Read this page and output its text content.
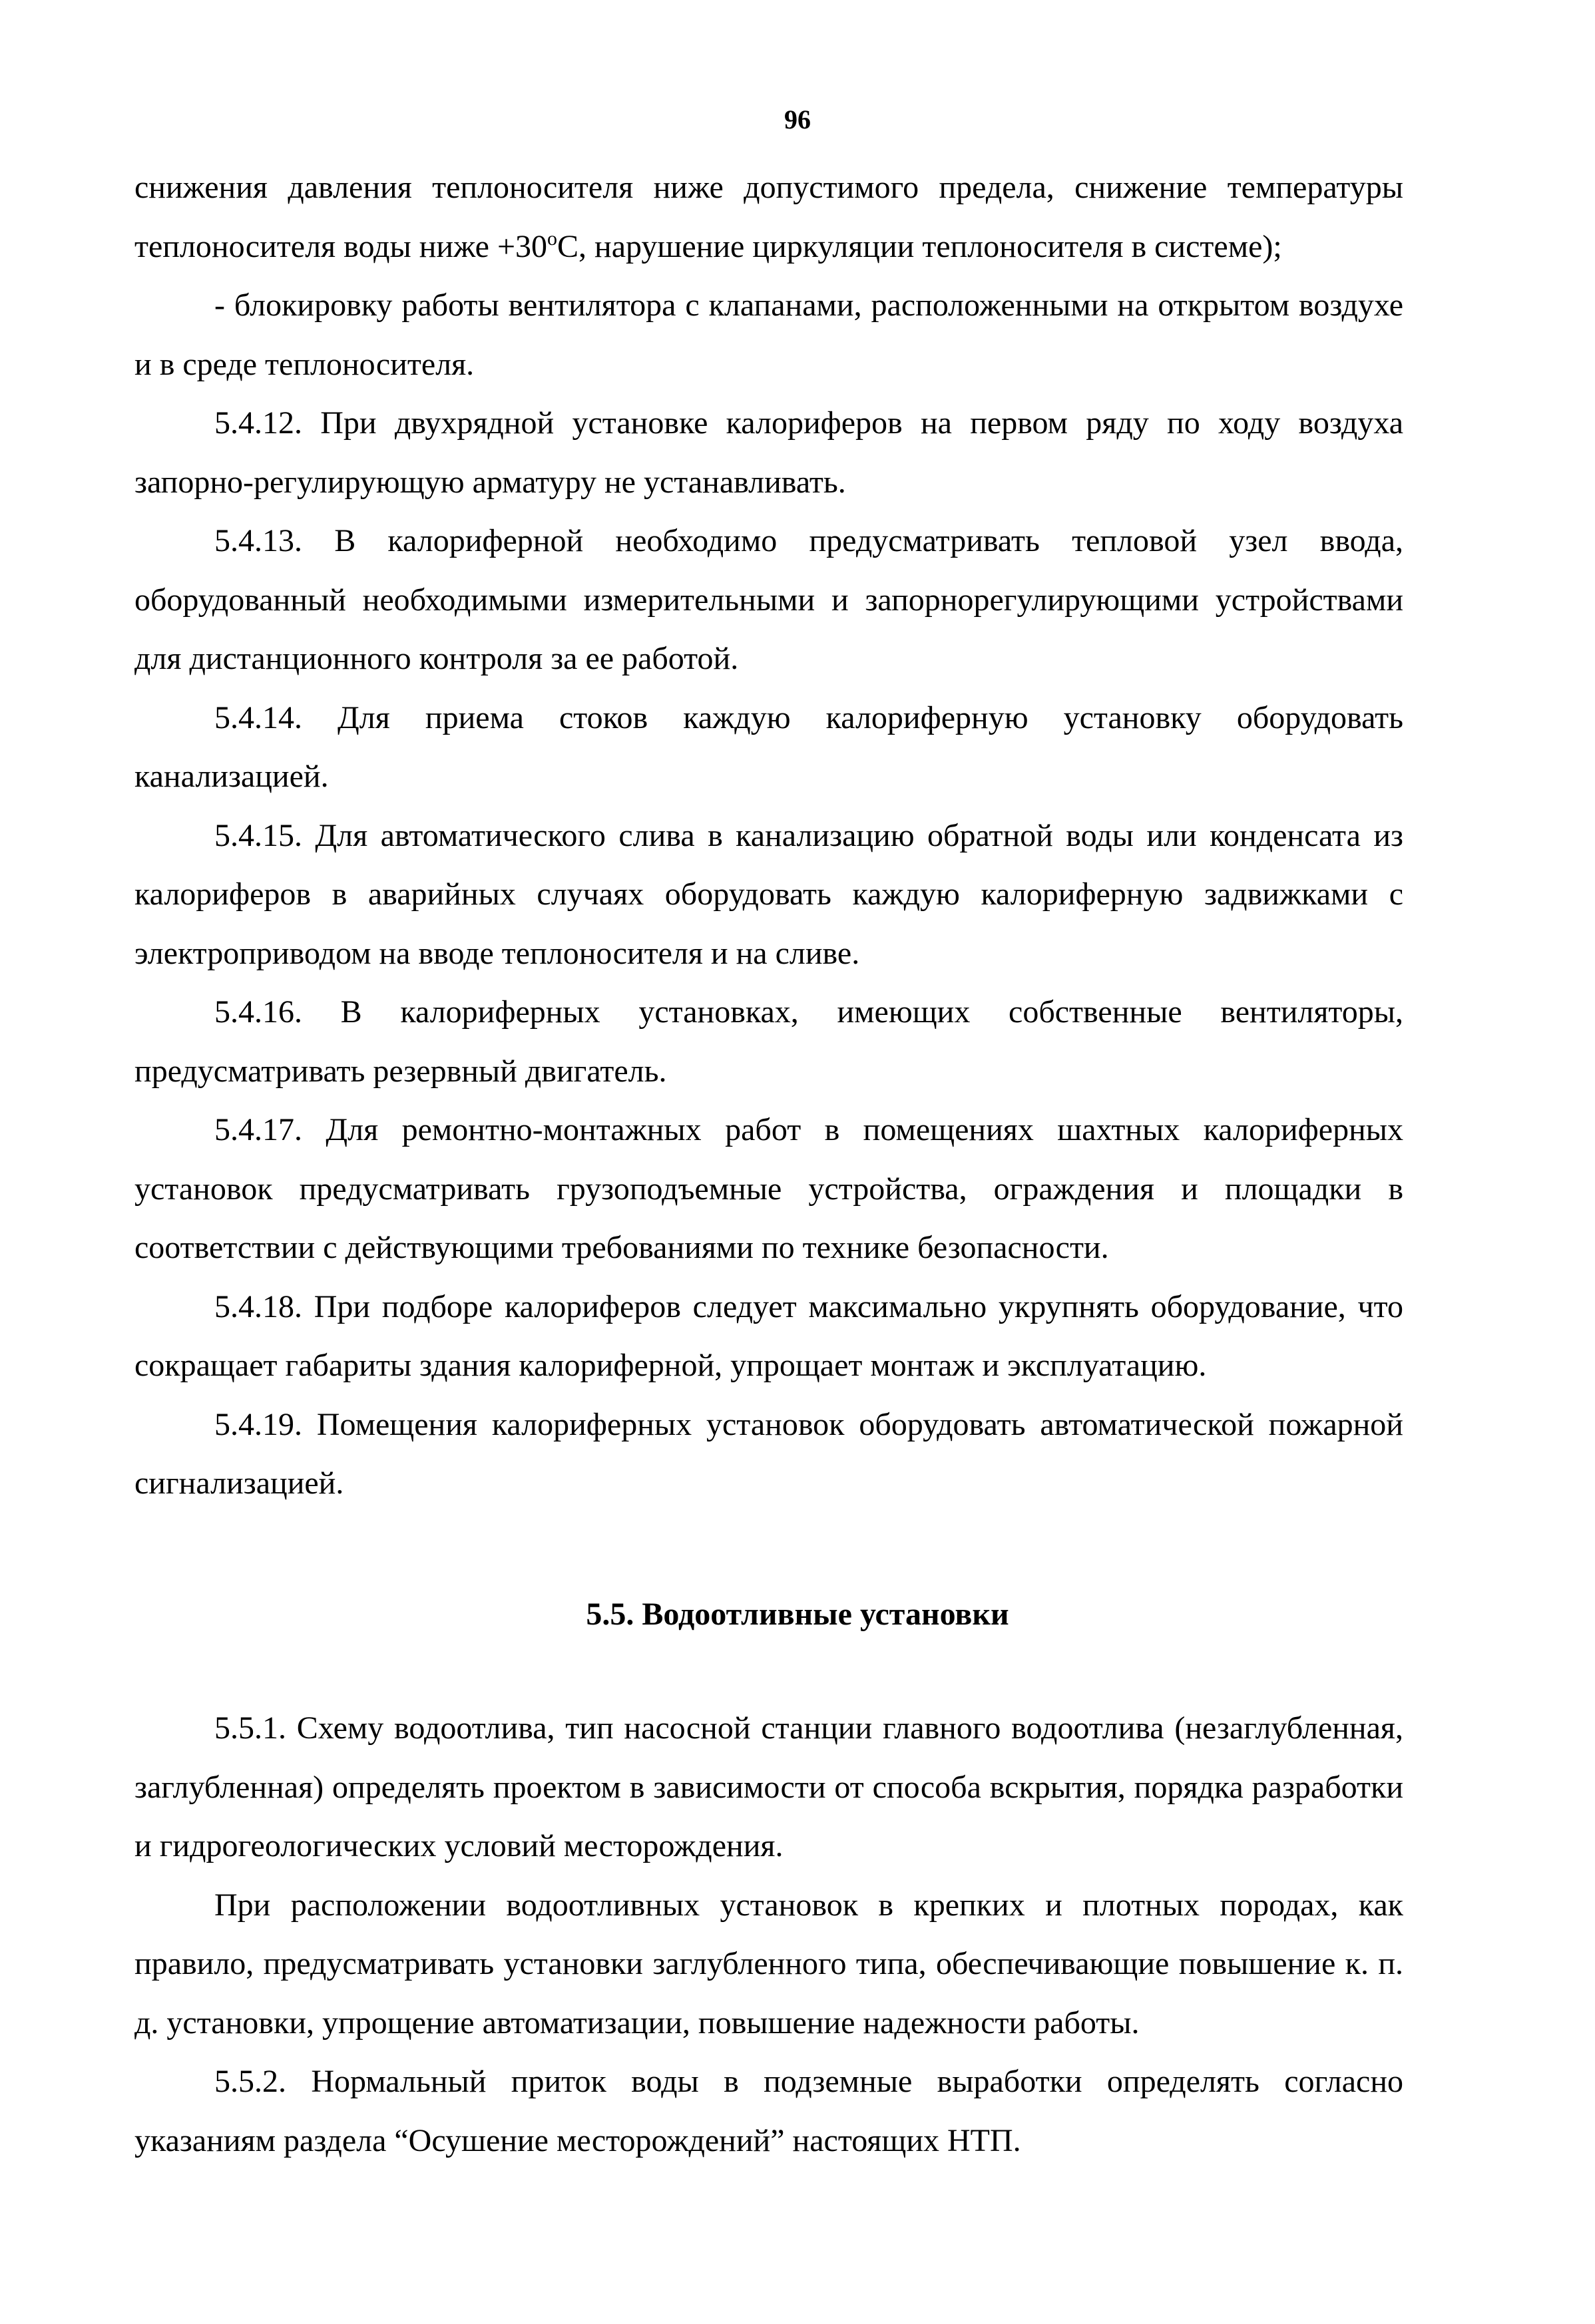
96

снижения давления теплоносителя ниже допустимого предела, снижение температуры теплоносителя воды ниже $+30^оС$, нарушение циркуляции теплоносителя в системе);

- блокировку работы вентилятора с клапанами, расположенными на открытом воздухе и в среде теплоносителя.

5.4.12. При двухрядной установке калориферов на первом ряду по ходу воздуха запорно-регулирующую арматуру не устанавливать.

5.4.13. В калориферной необходимо предусматривать тепловой узел ввода, оборудованный необходимыми измерительными и запорнорегулирующими устройствами для дистанционного контроля за ее работой.

5.4.14. Для приема стоков каждую калориферную установку оборудовать канализацией.

5.4.15. Для автоматического слива в канализацию обратной воды или конденсата из калориферов в аварийных случаях оборудовать каждую калориферную задвижками с электроприводом на вводе теплоносителя и на сливе.

5.4.16. В калориферных установках, имеющих собственные вентиляторы, предусматривать резервный двигатель.

5.4.17. Для ремонтно-монтажных работ в помещениях шахтных калориферных установок предусматривать грузоподъемные устройства, ограждения и площадки в соответствии с действующими требованиями по технике безопасности.

5.4.18. При подборе калориферов следует максимально укрупнять оборудование, что сокращает габариты здания калориферной, упрощает монтаж и эксплуатацию.

5.4.19. Помещения калориферных установок оборудовать автоматической пожарной сигнализацией.

5.5. Водоотливные установки

5.5.1. Схему водоотлива, тип насосной станции главного водоотлива (незаглубленная, заглубленная) определять проектом в зависимости от способа вскрытия, порядка разработки и гидрогеологических условий месторождения.

При расположении водоотливных установок в крепких и плотных породах, как правило, предусматривать установки заглубленного типа, обеспечивающие повышение к. п. д. установки, упрощение автоматизации, повышение надежности работы.

5.5.2. Нормальный приток воды в подземные выработки определять согласно указаниям раздела “Осушение месторождений” настоящих НТП.
